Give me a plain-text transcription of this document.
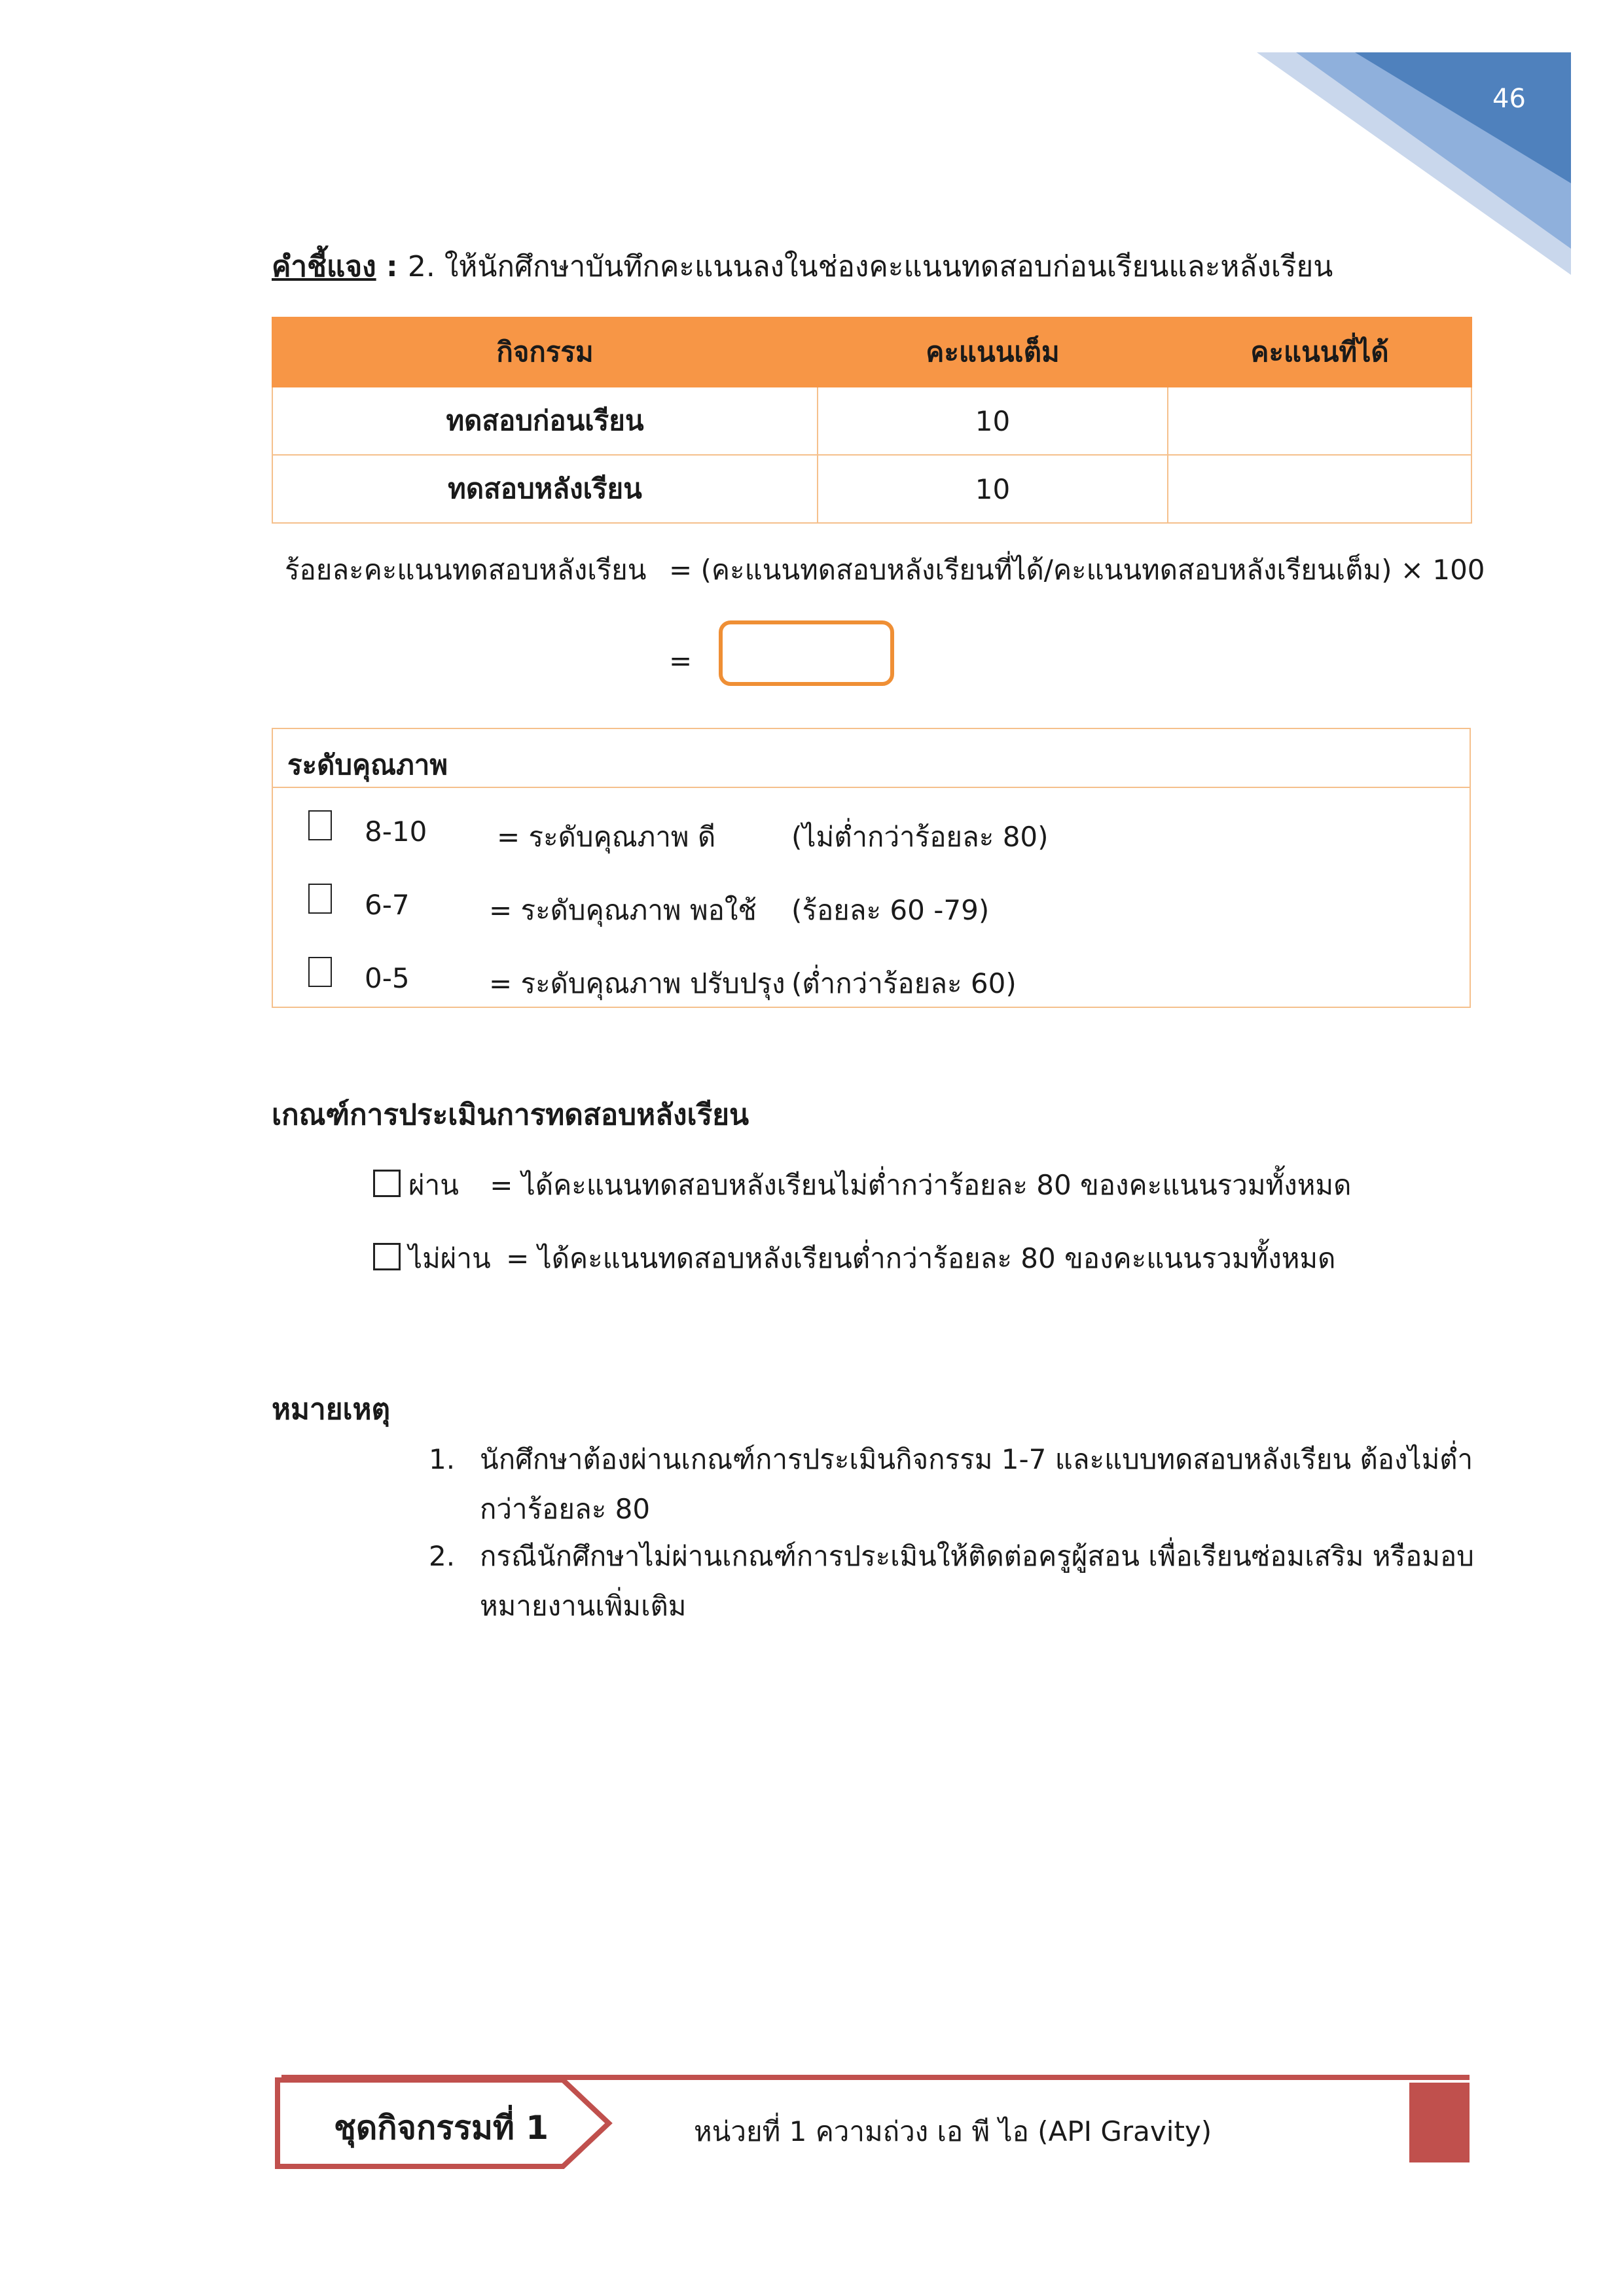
46
คำชี้แจง : 2. ให้นักศึกษาบันทึกคะแนนลงในช่องคะแนนทดสอบก่อนเรียนและหลังเรียน
กิจกรรม	คะแนนเต็ม	คะแนนที่ได้
ทดสอบก่อนเรียน	10	
ทดสอบหลังเรียน	10	
ร้อยละคะแนนทดสอบหลังเรียน = (คะแนนทดสอบหลังเรียนที่ได้/คะแนนทดสอบหลังเรียนเต็ม) × 100
=
ระดับคุณภาพ
8-10	= ระดับคุณภาพ ดี	(ไม่ต่ำกว่าร้อยละ 80)
6-7	= ระดับคุณภาพ พอใช้ (ร้อยละ 60 -79)
0-5	= ระดับคุณภาพ ปรับปรุง (ต่ำกว่าร้อยละ 60)
เกณฑ์การประเมินการทดสอบหลังเรียน
ผ่าน = ได้คะแนนทดสอบหลังเรียนไม่ต่ำกว่าร้อยละ 80 ของคะแนนรวมทั้งหมด
ไม่ผ่าน = ได้คะแนนทดสอบหลังเรียนต่ำกว่าร้อยละ 80 ของคะแนนรวมทั้งหมด
หมายเหตุ
1. นักศึกษาต้องผ่านเกณฑ์การประเมินกิจกรรม 1-7 และแบบทดสอบหลังเรียน ต้องไม่ต่ำกว่าร้อยละ 80
2. กรณีนักศึกษาไม่ผ่านเกณฑ์การประเมินให้ติดต่อครูผู้สอน เพื่อเรียนซ่อมเสริม หรือมอบหมายงานเพิ่มเติม
ชุดกิจกรรมที่ 1	หน่วยที่ 1 ความถ่วง เอ พี ไอ (API Gravity)
